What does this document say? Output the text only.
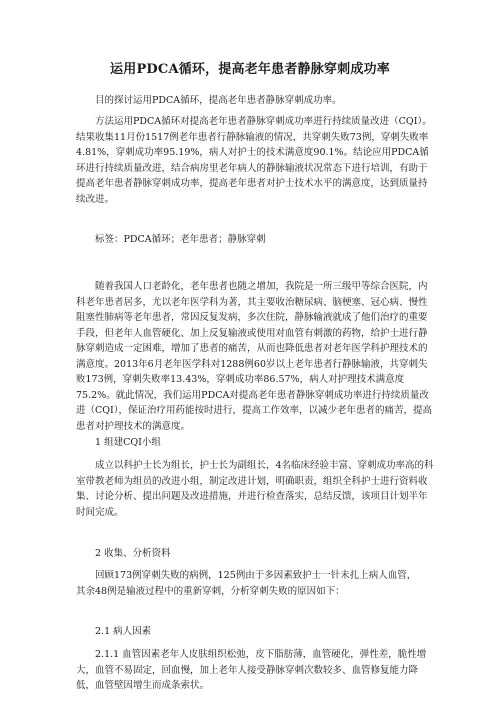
运用PDCA循环，提高老年患者静脉穿刺成功率
目的探讨运用PDCA循环，提高老年患者静脉穿刺成功率。
方法运用PDCA循环对提高老年患者静脉穿刺成功率进行持续质量改进（CQI）。结果收集11月份1517例老年患者行静脉输液的情况，共穿刺失败73例，穿刺失败率4.81%，穿刺成功率95.19%，病人对护士的技术满意度90.1%。结论应用PDCA循环进行持续质量改进，结合病房里老年病人的静脉输液状况常态下进行培训，有助于提高老年患者静脉穿刺成功率，提高老年患者对护士技术水平的满意度，达到质量持续改进。
标签：PDCA循环；老年患者；静脉穿刺
随着我国人口老龄化，老年患者也随之增加，我院是一所三级甲等综合医院，内科老年患者居多，尤以老年医学科为著，其主要收治糖尿病、脑梗塞、冠心病、慢性阻塞性肺病等老年患者，常因反复发病，多次住院，静脉输液就成了他们治疗的重要手段，但老年人血管硬化、加上反复输液或使用对血管有刺激的药物，给护士进行静脉穿刺造成一定困难，增加了患者的痛苦，从而也降低患者对老年医学科护理技术的满意度。2013年6月老年医学科对1288例60岁以上老年患者行静脉输液，共穿刺失败173例，穿刺失败率13.43%，穿刺成功率86.57%，病人对护理技术满意度75.2%。就此情况，我们运用PDCA对提高老年患者静脉穿刺成功率进行持续质量改进（CQI），保证治疗用药能按时进行，提高工作效率，以减少老年患者的痛苦，提高患者对护理技术的满意度。
1 组建CQI小组
成立以科护士长为组长，护士长为副组长，4名临床经验丰富、穿刺成功率高的科室带教老师为组员的改进小组，制定改进计划，明确职责，组织全科护士进行资料收集、讨论分析、提出问题及改进措施，并进行检查落实，总结反馈，该项目计划半年时间完成。
2 收集、分析资料

回顾173例穿刺失败的病例，125例由于多因素致护士一针未扎上病人血管，

其余48例是输液过程中的重新穿刺，分析穿刺失败的原因如下：

2.1 病人因素
2.1.1 血管因素老年人皮肤组织松弛，皮下脂肪薄，血管硬化，弹性差，脆性增大，血管不易固定，回血慢，加上老年人接受静脉穿刺次数较多、血管修复能力降低，血管壁因增生而成条索状。
